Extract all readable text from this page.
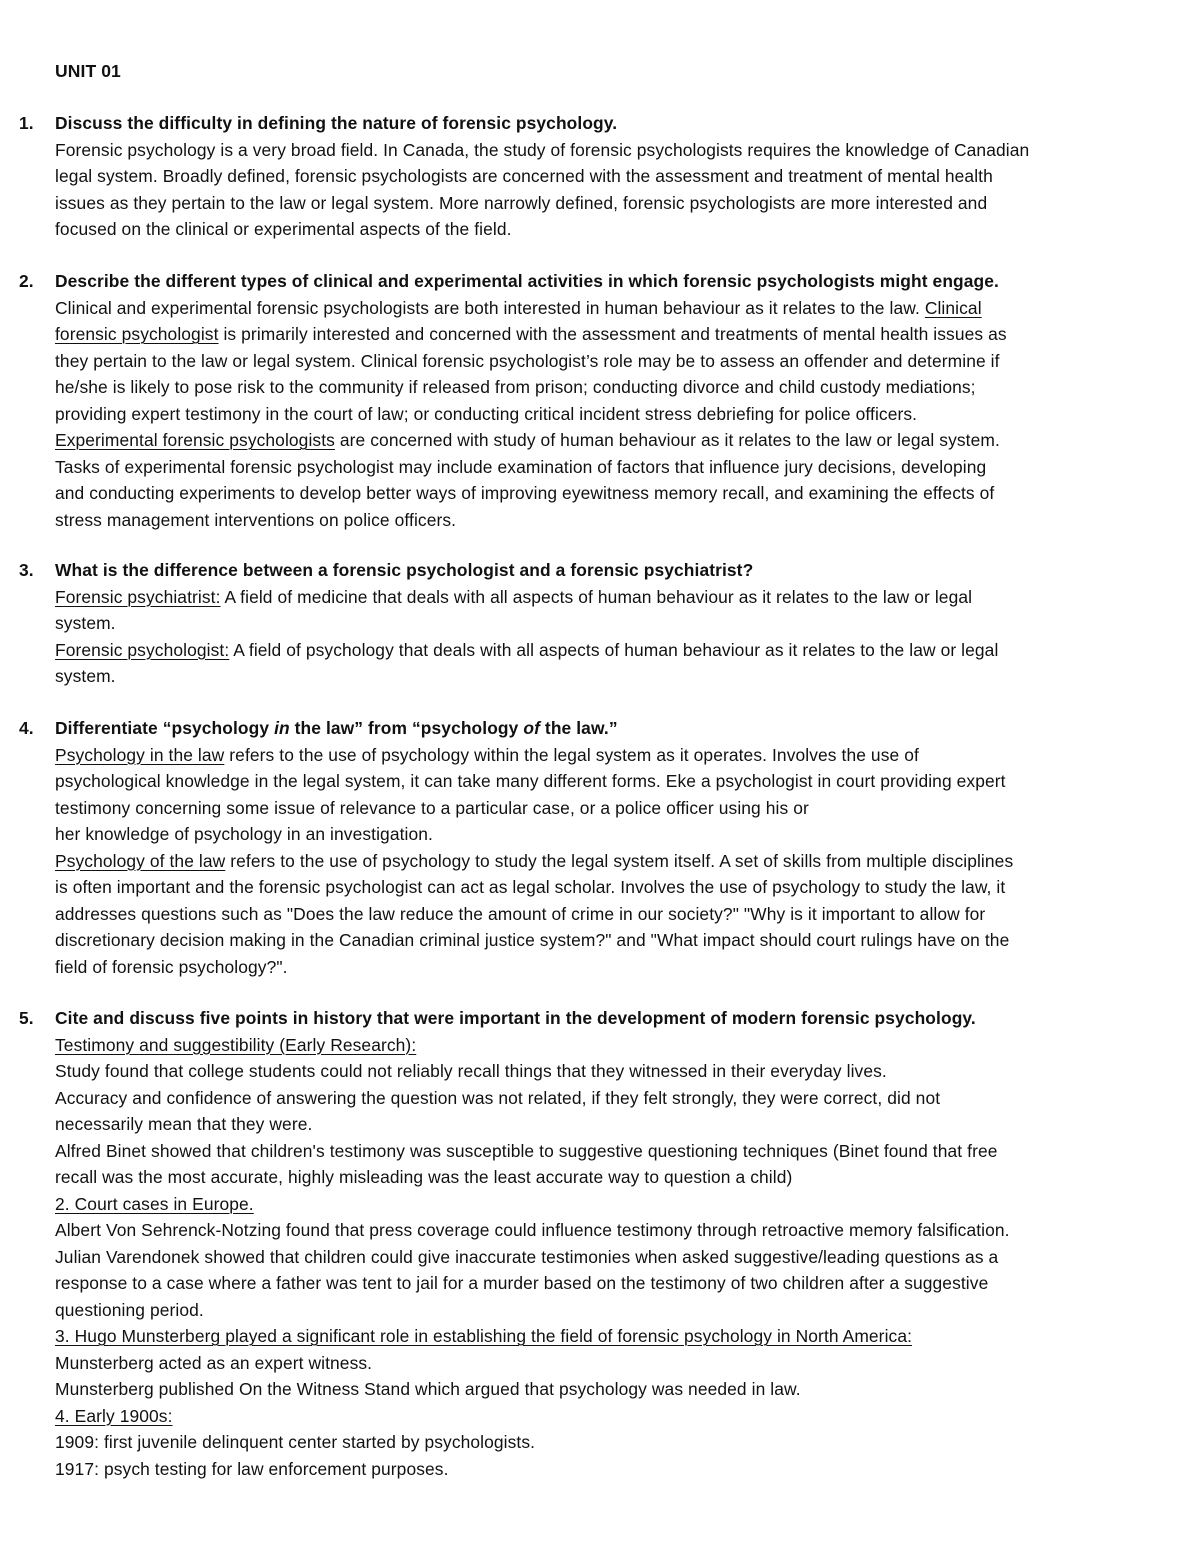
UNIT 01
1. Discuss the difficulty in defining the nature of forensic psychology.
Forensic psychology is a very broad field. In Canada, the study of forensic psychologists requires the knowledge of Canadian
legal system. Broadly defined, forensic psychologists are concerned with the assessment and treatment of mental health
issues as they pertain to the law or legal system. More narrowly defined, forensic psychologists are more interested and
focused on the clinical or experimental aspects of the field.
2. Describe the different types of clinical and experimental activities in which forensic psychologists might engage.
Clinical and experimental forensic psychologists are both interested in human behaviour as it relates to the law. Clinical
forensic psychologist is primarily interested and concerned with the assessment and treatments of mental health issues as
they pertain to the law or legal system. Clinical forensic psychologist’s role may be to assess an offender and determine if
he/she is likely to pose risk to the community if released from prison; conducting divorce and child custody mediations;
providing expert testimony in the court of law; or conducting critical incident stress debriefing for police officers.
Experimental forensic psychologists are concerned with study of human behaviour as it relates to the law or legal system.
Tasks of experimental forensic psychologist may include examination of factors that influence jury decisions, developing
and conducting experiments to develop better ways of improving eyewitness memory recall, and examining the effects of
stress management interventions on police officers.
3. What is the difference between a forensic psychologist and a forensic psychiatrist?
Forensic psychiatrist: A field of medicine that deals with all aspects of human behaviour as it relates to the law or legal
system.
Forensic psychologist: A field of psychology that deals with all aspects of human behaviour as it relates to the law or legal
system.
4. Differentiate “psychology in the law” from “psychology of the law.”
Psychology in the law refers to the use of psychology within the legal system as it operates. Involves the use of
psychological knowledge in the legal system, it can take many different forms. Eke a psychologist in court providing expert
testimony concerning some issue of relevance to a particular case, or a police officer using his or
her knowledge of psychology in an investigation.
Psychology of the law refers to the use of psychology to study the legal system itself. A set of skills from multiple disciplines
is often important and the forensic psychologist can act as legal scholar. Involves the use of psychology to study the law, it
addresses questions such as "Does the law reduce the amount of crime in our society?" "Why is it important to allow for
discretionary decision making in the Canadian criminal justice system?" and "What impact should court rulings have on the
field of forensic psychology?".
5. Cite and discuss five points in history that were important in the development of modern forensic psychology.
Testimony and suggestibility (Early Research):
Study found that college students could not reliably recall things that they witnessed in their everyday lives.
Accuracy and confidence of answering the question was not related, if they felt strongly, they were correct, did not
necessarily mean that they were.
Alfred Binet showed that children's testimony was susceptible to suggestive questioning techniques (Binet found that free
recall was the most accurate, highly misleading was the least accurate way to question a child)
2. Court cases in Europe.
Albert Von Sehrenck-Notzing found that press coverage could influence testimony through retroactive memory falsification.
Julian Varendonek showed that children could give inaccurate testimonies when asked suggestive/leading questions as a
response to a case where a father was tent to jail for a murder based on the testimony of two children after a suggestive
questioning period.
3. Hugo Munsterberg played a significant role in establishing the field of forensic psychology in North America:
Munsterberg acted as an expert witness.
Munsterberg published On the Witness Stand which argued that psychology was needed in law.
4. Early 1900s:
1909: first juvenile delinquent center started by psychologists.
1917: psych testing for law enforcement purposes.
